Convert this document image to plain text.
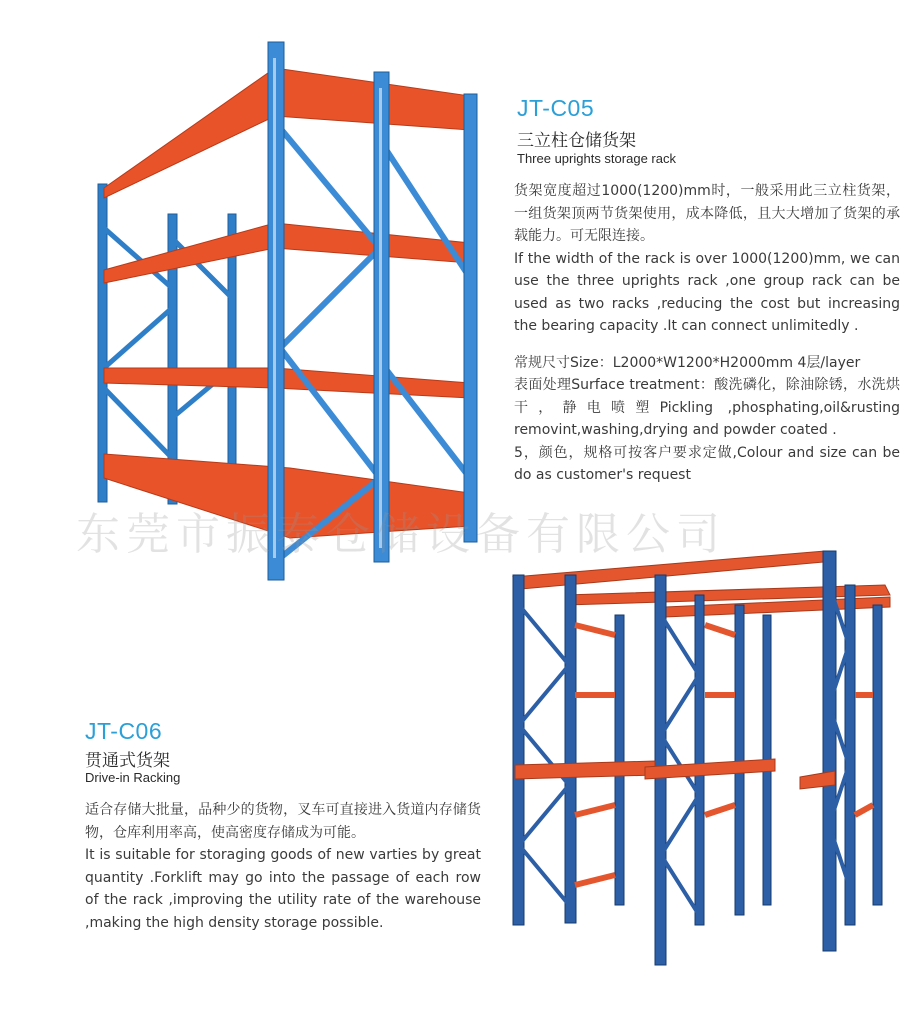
JT-C05
三立柱仓储货架
Three uprights storage rack

货架宽度超过1000(1200)mm时，一般采用此三立柱货架，一组货架顶两节货架使用，成本降低，且大大增加了货架的承载能力。可无限连接。

If the width of the rack is over 1000(1200)mm, we can use the three uprights rack ,one group rack can be used as two racks ,reducing the cost but increasing the bearing capacity .It can connect unlimitedly .

常规尺寸Size：L2000*W1200*H2000mm 4层/layer

表面处理Surface treatment：酸洗磷化，除油除锈，水洗烘干，静电喷塑Pickling ,phosphating,oil&rusting removint,washing,drying and powder coated .

5，颜色，规格可按客户要求定做,Colour and size can be do as customer's request

东莞市振泰仓储设备有限公司
JT-C06
贯通式货架
Drive-in Racking

适合存储大批量，品种少的货物，叉车可直接进入货道内存储货物，仓库利用率高，使高密度存储成为可能。

It is suitable for storaging goods of new varties by great quantity .Forklift may go into the passage of each row of the rack ,improving the utility rate of the warehouse ,making the high density storage possible.
